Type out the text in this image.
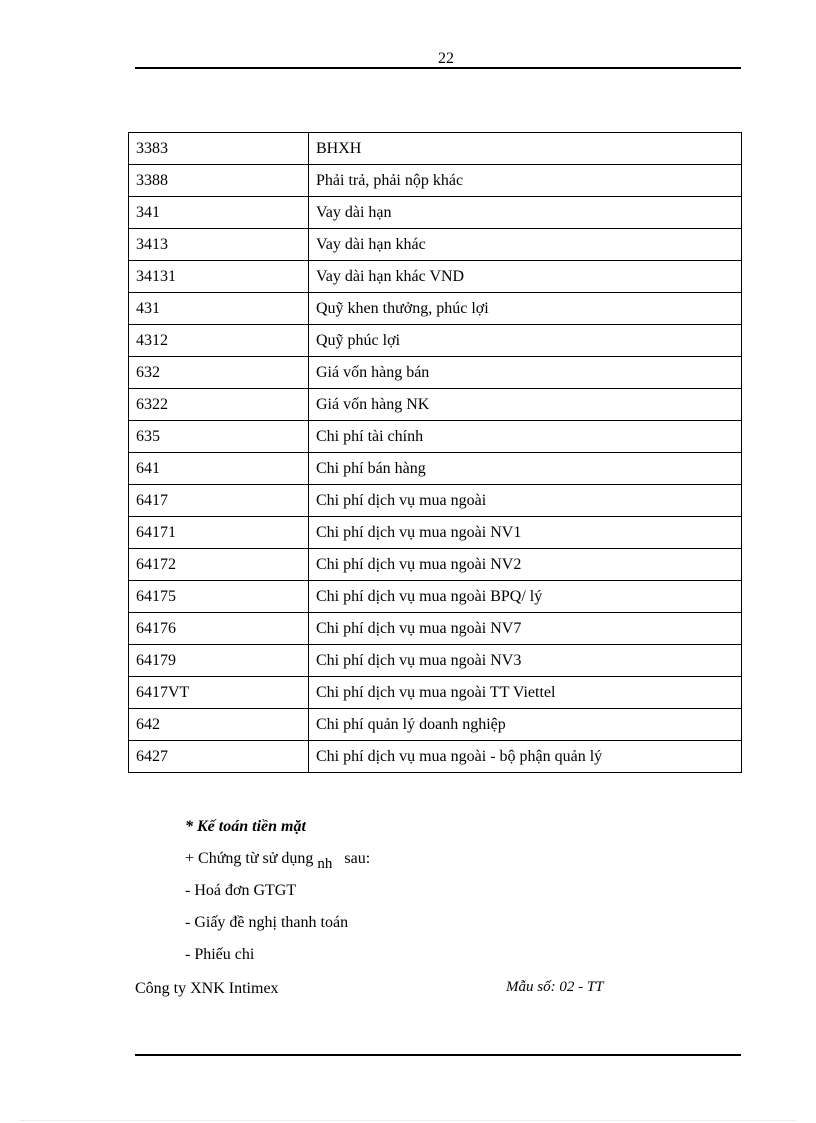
22
3383	BHXH
3388	Phải trả, phải nộp khác
341	Vay dài hạn
3413	Vay dài hạn khác
34131	Vay dài hạn khác VND
431	Quỹ khen thưởng, phúc lợi
4312	Quỹ phúc lợi
632	Giá vốn hàng bán
6322	Giá vốn hàng NK
635	Chi phí tài chính
641	Chi phí bán hàng
6417	Chi phí dịch vụ mua ngoài
64171	Chi phí dịch vụ mua ngoài NV1
64172	Chi phí dịch vụ mua ngoài NV2
64175	Chi phí dịch vụ mua ngoài BPQ/ lý
64176	Chi phí dịch vụ mua ngoài NV7
64179	Chi phí dịch vụ mua ngoài NV3
6417VT	Chi phí dịch vụ mua ngoài TT Viettel
642	Chi phí quản lý doanh nghiệp
6427	Chi phí dịch vụ mua ngoài - bộ phận quản lý
* Kế toán tiền mặt
+ Chứng từ sử dụng nh sau:
- Hoá đơn GTGT
- Giấy đề nghị thanh toán
- Phiếu chi
Công ty XNK Intimex	Mẫu số: 02 - TT
